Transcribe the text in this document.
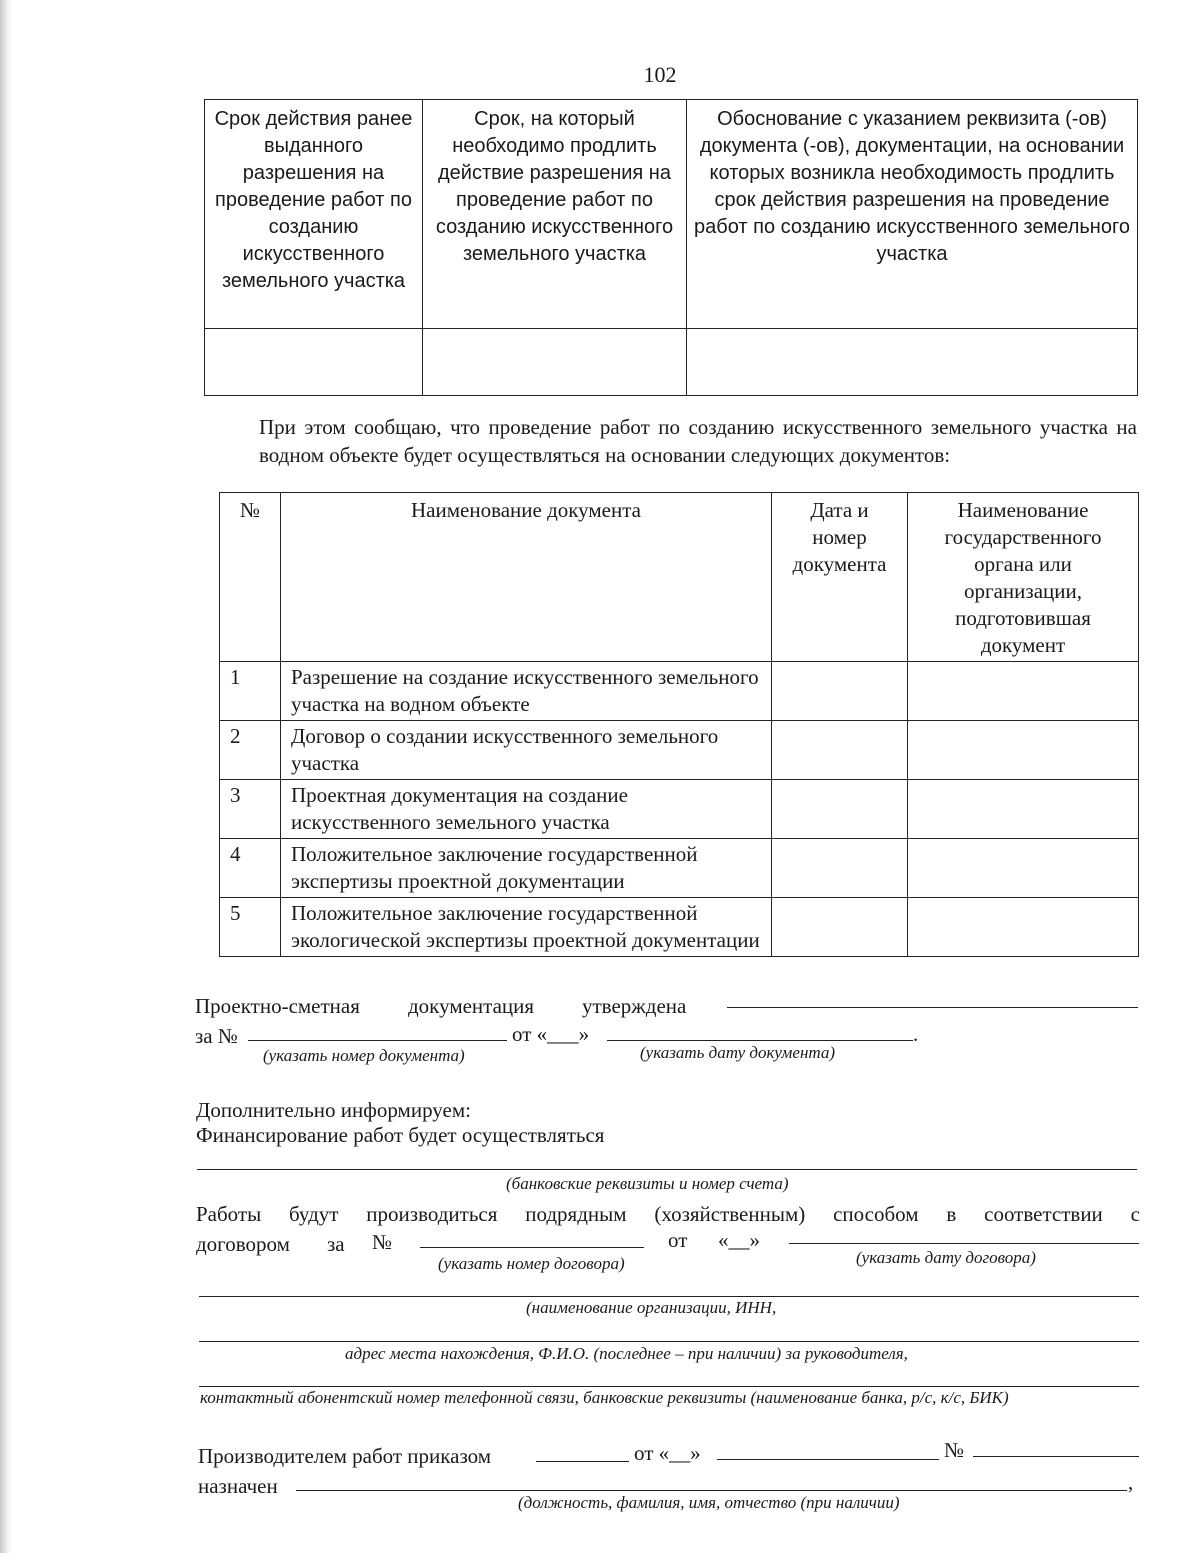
102
Срок действия ранее выданного разрешения на проведение работ по созданию искусственного земельного участка	Срок, на который необходимо продлить действие разрешения на проведение работ по созданию искусственного земельного участка	Обоснование с указанием реквизита (-ов) документа (-ов), документации, на основании которых возникла необходимость продлить срок действия разрешения на проведение работ по созданию искусственного земельного участка

При этом сообщаю, что проведение работ по созданию искусственного земельного участка на водном объекте будет осуществляться на основании следующих документов:
№	Наименование документа	Дата и номер документа	Наименование государственного органа или организации, подготовившая документ
1	Разрешение на создание искусственного земельного участка на водном объекте		
2	Договор о создании искусственного земельного участка		
3	Проектная документация на создание искусственного земельного участка		
4	Положительное заключение государственной экспертизы проектной документации		
5	Положительное заключение государственной экологической экспертизы проектной документации		
Проектно-сметная документация утверждена
за №	от «___»	.
(указать номер документа)	(указать дату документа)
Дополнительно информируем:
Финансирование работ будет осуществляться
(банковские реквизиты и номер счета)
Работы будут производиться подрядным (хозяйственным) способом в соответствии с
договором за №	от «__»
(указать номер договора)	(указать дату договора)
(наименование организации, ИНН,
адрес места нахождения, Ф.И.О. (последнее – при наличии) за руководителя,
контактный абонентский номер телефонной связи, банковские реквизиты (наименование банка, р/с, к/с, БИК)
Производителем работ приказом	от «__»	№
назначен	,
(должность, фамилия, имя, отчество (при наличии)
